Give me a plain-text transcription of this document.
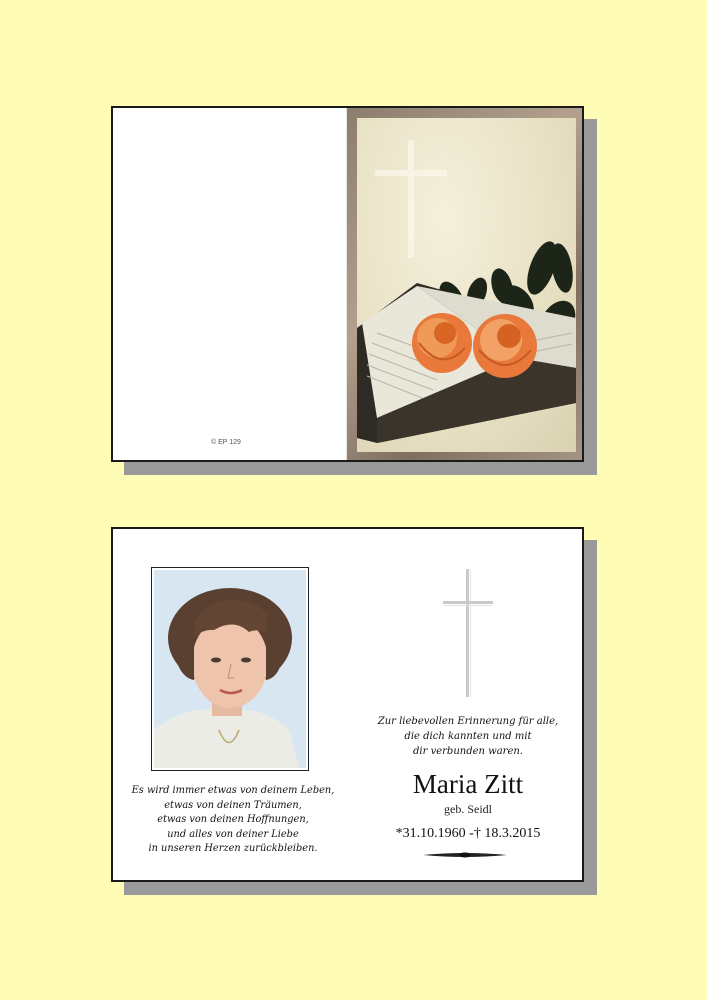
© EP 129
Es wird immer etwas von deinem Leben,
etwas von deinen Träumen,
etwas von deinen Hoffnungen,
und alles von deiner Liebe
in unseren Herzen zurückbleiben.
Zur liebevollen Erinnerung für alle,
die dich kannten und mit
dir verbunden waren.
Maria Zitt
geb. Seidl
*31.10.1960 -† 18.3.2015
